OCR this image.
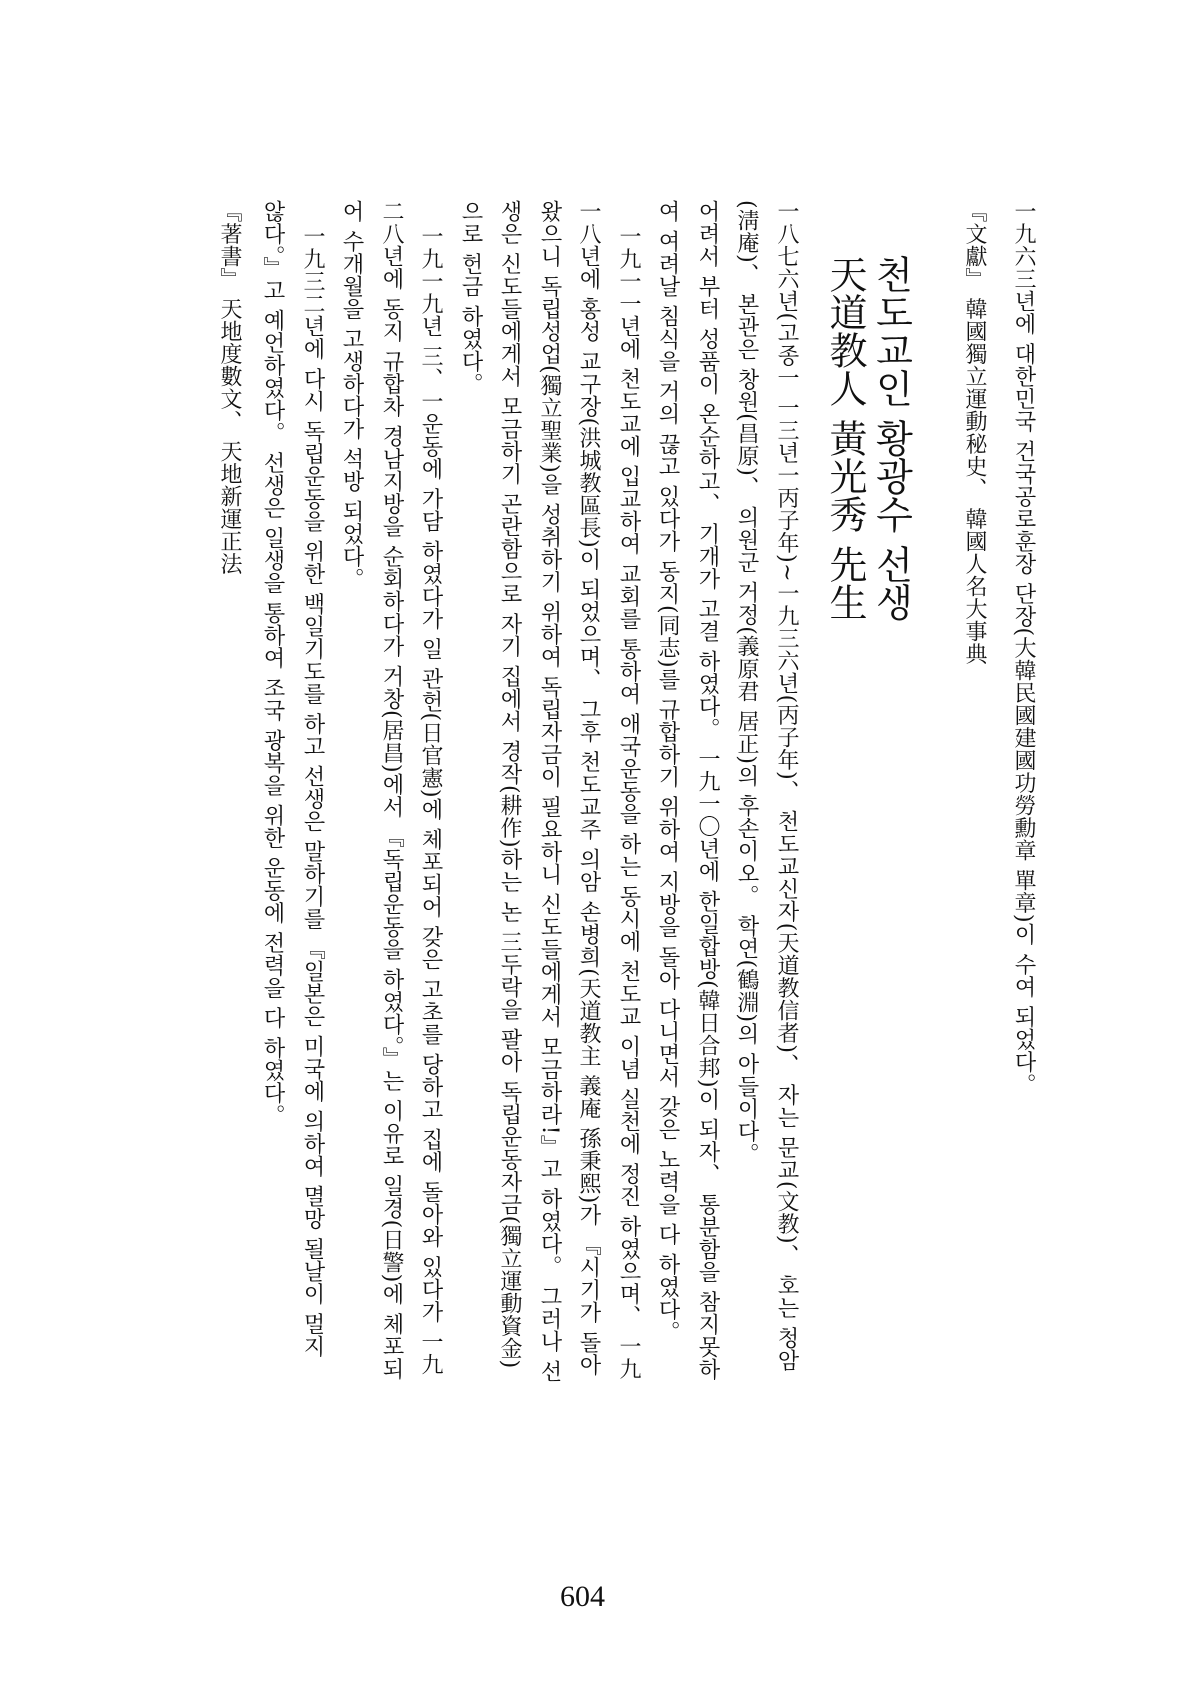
一九六三년에 대한민국 건국공로훈장 단장(大韓民國建國功勞勳章 單章)이 수여 되었다。
『文獻』 韓國獨立運動秘史、 韓國人名大事典
천도교인 황광수 선생
天道教人 黃光秀 先生
一八七六년(고종一 一三년一丙子年)~一九三六년(丙子年)、 천도교신자(天道教信者)、 자는 문교(文教)、 호는 청암
(淸庵)、 본관은 창원(昌原)、 의원군 거정(義原君 居正)의 후손이오。 학연(鶴淵)의 아들이다。
어려서 부터 성품이 온순하고、 기개가 고결 하였다。 一九一〇년에 한일합방(韓日合邦)이 되자、 통분함을 참지못하
여 여려날 침식을 거의 끊고 있다가 동지(同志)를 규합하기 위하여 지방을 돌아 다니면서 갖은 노력을 다 하였다。
一九一一년에 천도교에 입교하여 교회를 통하여 애국운동을 하는 동시에 천도교 이념 실천에 정진 하였으며、 一九
一八년에 홍성 교구장(洪城教區長)이 되었으며、 그후 천도교주 의암 손병희(天道教主 義庵 孫秉熙)가 『시기가 돌아
왔으니 독립성업(獨立聖業)을 성취하기 위하여 독립자금이 필요하니 신도들에게서 모금하라!』고 하였다。 그러나 선
생은 신도들에게서 모금하기 곤란함으로 자기 집에서 경작(耕作)하는 논 三두락을 팔아 독립운동자금(獨立運動資金)
으로 헌금 하였다。
一九一九년 三、一운동에 가담 하였다가 일 관헌(日官憲)에 체포되어 갖은 고초를 당하고 집에 돌아와 있다가 一九
二八년에 동지 규합차 경남지방을 순회하다가 거창(居昌)에서 『독립운동을 하였다。』는 이유로 일경(日警)에 체포되
어 수개월을 고생하다가 석방 되었다。
一九三二년에 다시 독립운동을 위한 백일기도를 하고 선생은 말하기를 『일본은 미국에 의하여 멸망 될날이 멀지
않다。』고 예언하였다。 선생은 일생을 통하여 조국 광복을 위한 운동에 전력을 다 하였다。
『著書』 天地度數文、 天地新運正法
604
